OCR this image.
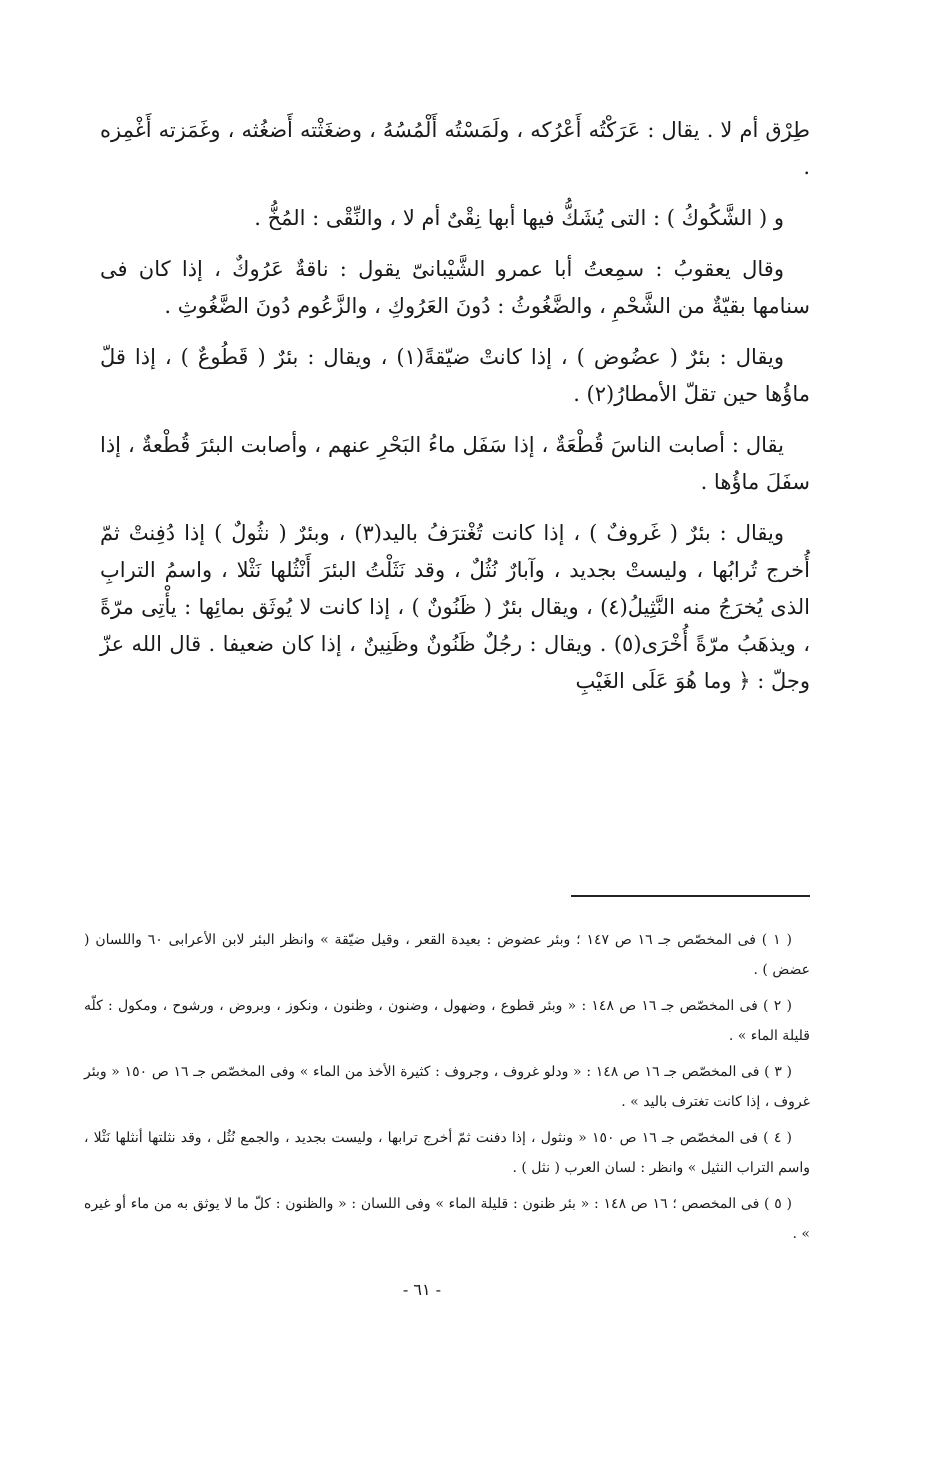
طِرْق أم لا . يقال : عَرَكْتُه أَعْرُكه ، ولَمَسْتُه أَلْمُسُهُ ، وضغَثْته أَضغُثه ، وغَمَزته أَغْمِزه .

و ( الشَّكُوكُ ) : التى يُشَكُّ فيها أبها نِقْىٌ أم لا ، والنِّقْى : المُخُّ .

وقال يعقوبُ : سمِعتُ أبا عمرو الشَّيْبانىّ يقول : ناقةٌ عَرُوكٌ ، إذا كان فى سنامها بقيّةٌ من الشَّحْمِ ، والضَّغُوثُ : دُونَ العَرُوكِ ، والزَّعُوم دُونَ الضَّغُوثِ .

ويقال : بئرٌ ( عضُوض ) ، إذا كانتْ ضيّقةً(١) ، ويقال : بئرٌ ( قَطُوعٌ ) ، إذا قلّ ماؤُها حين تقلّ الأمطارُ(٢) .

يقال : أصابت الناسَ قُطْعَةٌ ، إذا سَفَل ماءُ البَحْرِ عنهم ، وأصابت البئرَ قُطْعةٌ ، إذا سفَلَ ماؤُها .

ويقال : بئرٌ ( غَروفٌ ) ، إذا كانت تُغْترَفُ باليد(٣) ، وبئرٌ ( نثُولٌ ) إذا دُفِنتْ ثمّ أُخرج تُرابُها ، وليستْ بجديد ، وآبارٌ نُثُلٌ ، وقد نَثَلْتُ البئرَ أَنْثُلها نَثْلا ، واسمُ الترابِ الذى يُخرَجُ منه النَّثِيلُ(٤) ، ويقال بئرٌ ( ظَنُونٌ ) ، إذا كانت لا يُوثَق بمائِها : يأْتِى مرّةً ، ويذهَبُ مرّةً أُخْرَى(٥) . ويقال : رجُلٌ ظَنُونٌ وظَنِينٌ ، إذا كان ضعيفا . قال الله عزّ وجلّ : ﴿ وما هُوَ عَلَى الغَيْبِ

( ١ ) فى المخصّص جـ ١٦ ص ١٤٧ ؛ وبئر عضوض : بعيدة القعر ، وقيل ضيّقة » وانظر البئر لابن الأعرابى ٦٠ واللسان ( عضض ) .

( ٢ ) فى المخصّص جـ ١٦ ص ١٤٨ : « وبئر قطوع ، وضهول ، وضنون ، وظنون ، ونكوز ، وبروض ، ورشوح ، ومكول : كلّه قليلة الماء » .

( ٣ ) فى المخصّص جـ ١٦ ص ١٤٨ : « ودلو غروف ، وجروف : كثيرة الأخذ من الماء » وفى المخصّص جـ ١٦ ص ١٥٠ « وبئر غروف ، إذا كانت تغترف باليد » .

( ٤ ) فى المخصّص جـ ١٦ ص ١٥٠ « ونثول ، إذا دفنت ثمّ أخرج ترابها ، وليست بجديد ، والجمع نُثُل ، وقد نثلتها أنثلها نَثْلا ، واسم التراب النثيل » وانظر : لسان العرب ( نثل ) .

( ٥ ) فى المخصص ؛ ١٦ ص ١٤٨ : « بئر ظنون : قليلة الماء » وفى اللسان : « والظنون : كلّ ما لا يوثق به من ماء أو غيره » .

- ٦١ -
